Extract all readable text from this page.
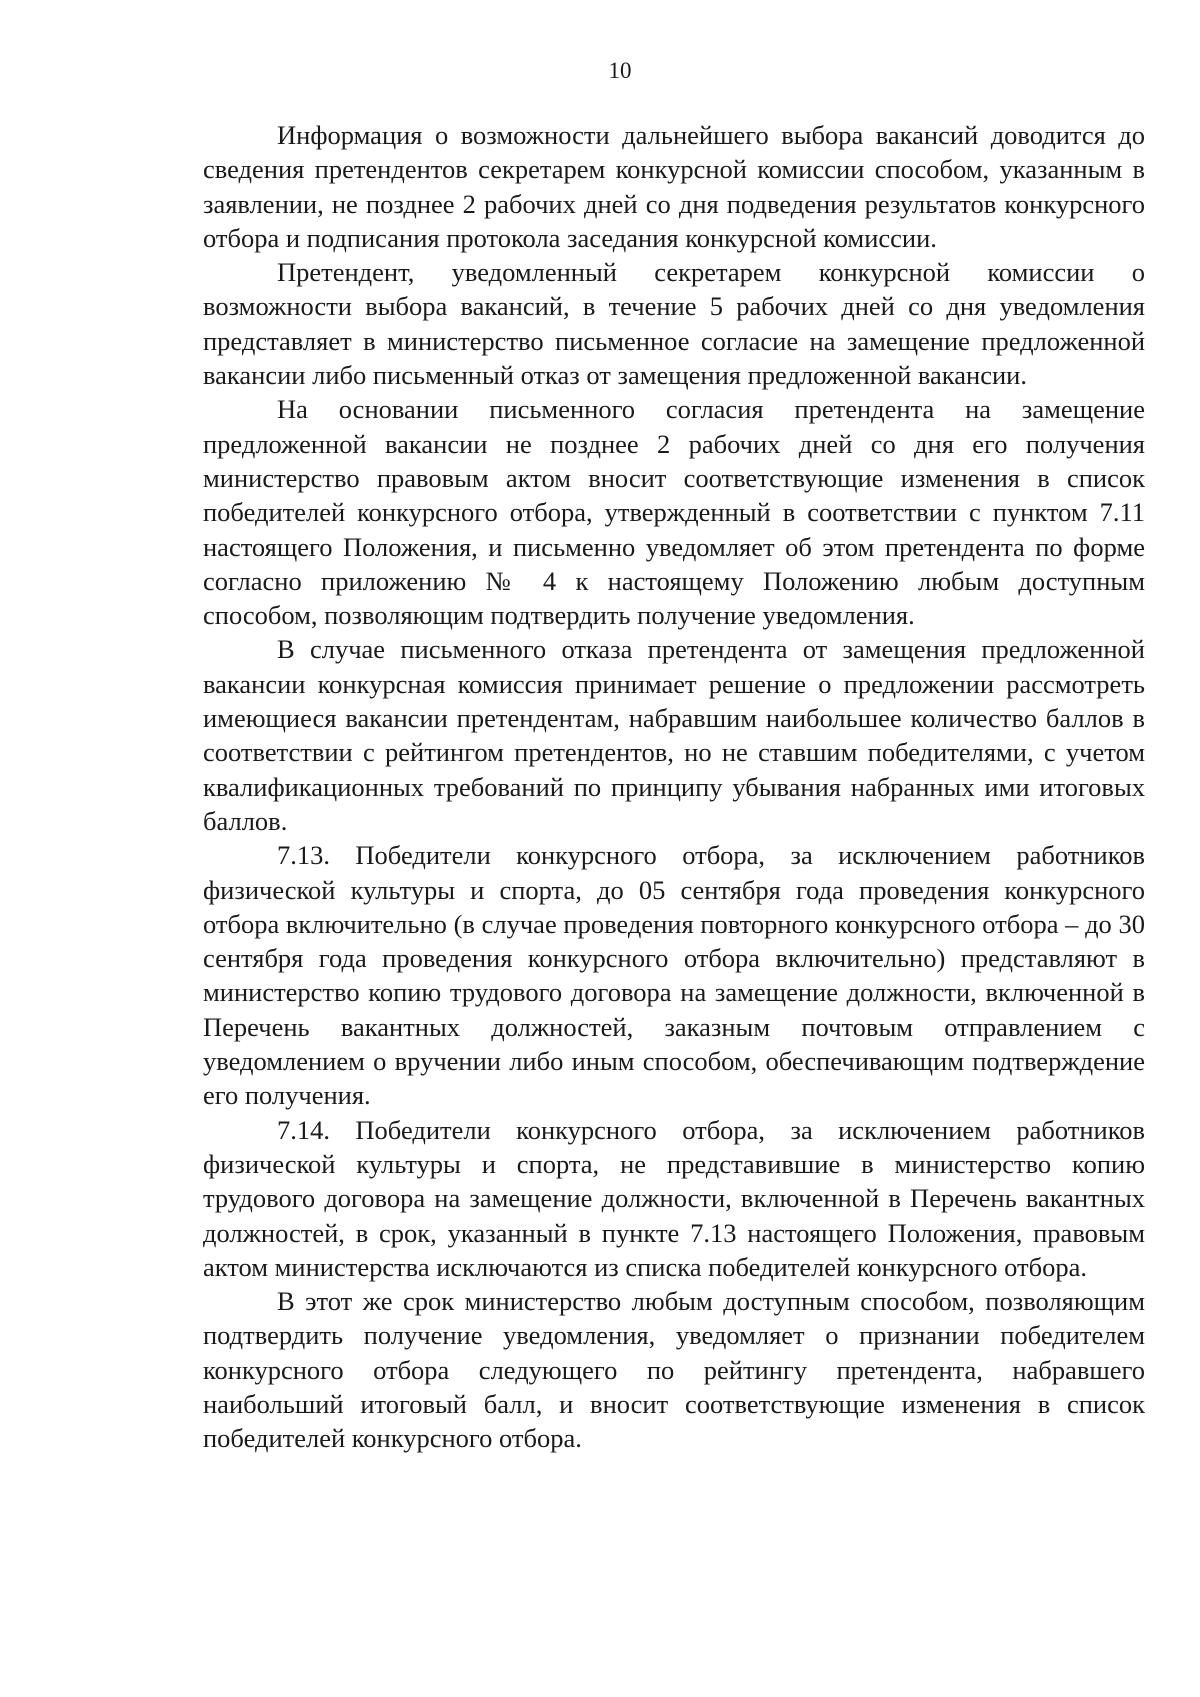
10

Информация о возможности дальнейшего выбора вакансий доводится до сведения претендентов секретарем конкурсной комиссии способом, указанным в заявлении, не позднее 2 рабочих дней со дня подведения результатов конкурсного отбора и подписания протокола заседания конкурсной комиссии.

Претендент, уведомленный секретарем конкурсной комиссии о возможности выбора вакансий, в течение 5 рабочих дней со дня уведомления представляет в министерство письменное согласие на замещение предложенной вакансии либо письменный отказ от замещения предложенной вакансии.

На основании письменного согласия претендента на замещение предложенной вакансии не позднее 2 рабочих дней со дня его получения министерство правовым актом вносит соответствующие изменения в список победителей конкурсного отбора, утвержденный в соответствии с пунктом 7.11 настоящего Положения, и письменно уведомляет об этом претендента по форме согласно приложению № 4 к настоящему Положению любым доступным способом, позволяющим подтвердить получение уведомления.

В случае письменного отказа претендента от замещения предложенной вакансии конкурсная комиссия принимает решение о предложении рассмотреть имеющиеся вакансии претендентам, набравшим наибольшее количество баллов в соответствии с рейтингом претендентов, но не ставшим победителями, с учетом квалификационных требований по принципу убывания набранных ими итоговых баллов.

7.13. Победители конкурсного отбора, за исключением работников физической культуры и спорта, до 05 сентября года проведения конкурсного отбора включительно (в случае проведения повторного конкурсного отбора – до 30 сентября года проведения конкурсного отбора включительно) представляют в министерство копию трудового договора на замещение должности, включенной в Перечень вакантных должностей, заказным почтовым отправлением с уведомлением о вручении либо иным способом, обеспечивающим подтверждение его получения.

7.14. Победители конкурсного отбора, за исключением работников физической культуры и спорта, не представившие в министерство копию трудового договора на замещение должности, включенной в Перечень вакантных должностей, в срок, указанный в пункте 7.13 настоящего Положения, правовым актом министерства исключаются из списка победителей конкурсного отбора.

В этот же срок министерство любым доступным способом, позволяющим подтвердить получение уведомления, уведомляет о признании победителем конкурсного отбора следующего по рейтингу претендента, набравшего наибольший итоговый балл, и вносит соответствующие изменения в список победителей конкурсного отбора.
